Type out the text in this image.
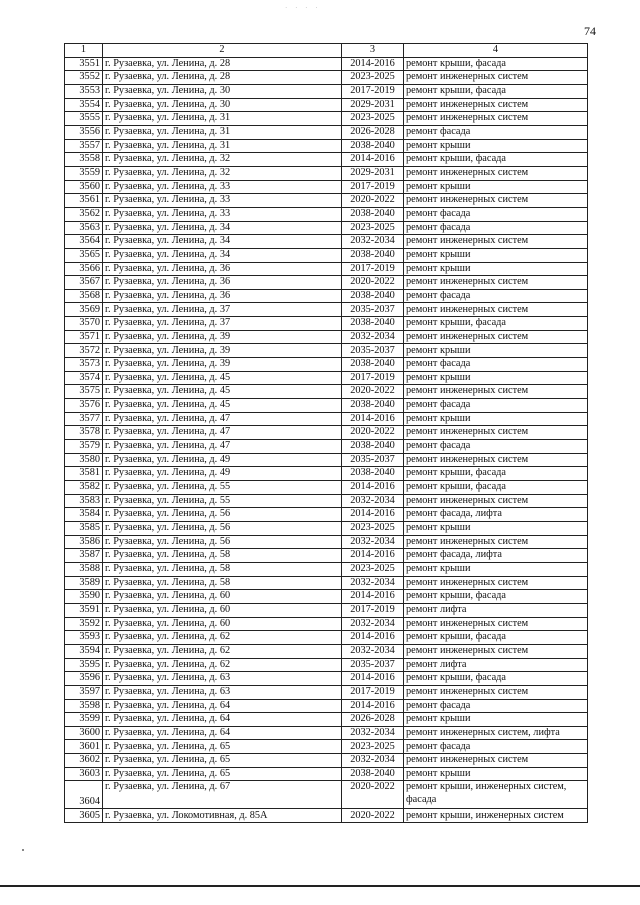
· · · ·
74
1	2	3	4
3551	г. Рузаевка, ул. Ленина, д. 28	2014-2016	ремонт крыши, фасада
3552	г. Рузаевка, ул. Ленина, д. 28	2023-2025	ремонт инженерных систем
3553	г. Рузаевка, ул. Ленина, д. 30	2017-2019	ремонт крыши, фасада
3554	г. Рузаевка, ул. Ленина, д. 30	2029-2031	ремонт инженерных систем
3555	г. Рузаевка, ул. Ленина, д. 31	2023-2025	ремонт инженерных систем
3556	г. Рузаевка, ул. Ленина, д. 31	2026-2028	ремонт фасада
3557	г. Рузаевка, ул. Ленина, д. 31	2038-2040	ремонт крыши
3558	г. Рузаевка, ул. Ленина, д. 32	2014-2016	ремонт крыши, фасада
3559	г. Рузаевка, ул. Ленина, д. 32	2029-2031	ремонт инженерных систем
3560	г. Рузаевка, ул. Ленина, д. 33	2017-2019	ремонт крыши
3561	г. Рузаевка, ул. Ленина, д. 33	2020-2022	ремонт инженерных систем
3562	г. Рузаевка, ул. Ленина, д. 33	2038-2040	ремонт фасада
3563	г. Рузаевка, ул. Ленина, д. 34	2023-2025	ремонт фасада
3564	г. Рузаевка, ул. Ленина, д. 34	2032-2034	ремонт инженерных систем
3565	г. Рузаевка, ул. Ленина, д. 34	2038-2040	ремонт крыши
3566	г. Рузаевка, ул. Ленина, д. 36	2017-2019	ремонт крыши
3567	г. Рузаевка, ул. Ленина, д. 36	2020-2022	ремонт инженерных систем
3568	г. Рузаевка, ул. Ленина, д. 36	2038-2040	ремонт фасада
3569	г. Рузаевка, ул. Ленина, д. 37	2035-2037	ремонт инженерных систем
3570	г. Рузаевка, ул. Ленина, д. 37	2038-2040	ремонт крыши, фасада
3571	г. Рузаевка, ул. Ленина, д. 39	2032-2034	ремонт инженерных систем
3572	г. Рузаевка, ул. Ленина, д. 39	2035-2037	ремонт крыши
3573	г. Рузаевка, ул. Ленина, д. 39	2038-2040	ремонт фасада
3574	г. Рузаевка, ул. Ленина, д. 45	2017-2019	ремонт крыши
3575	г. Рузаевка, ул. Ленина, д. 45	2020-2022	ремонт инженерных систем
3576	г. Рузаевка, ул. Ленина, д. 45	2038-2040	ремонт фасада
3577	г. Рузаевка, ул. Ленина, д. 47	2014-2016	ремонт крыши
3578	г. Рузаевка, ул. Ленина, д. 47	2020-2022	ремонт инженерных систем
3579	г. Рузаевка, ул. Ленина, д. 47	2038-2040	ремонт фасада
3580	г. Рузаевка, ул. Ленина, д. 49	2035-2037	ремонт инженерных систем
3581	г. Рузаевка, ул. Ленина, д. 49	2038-2040	ремонт крыши, фасада
3582	г. Рузаевка, ул. Ленина, д. 55	2014-2016	ремонт крыши, фасада
3583	г. Рузаевка, ул. Ленина, д. 55	2032-2034	ремонт инженерных систем
3584	г. Рузаевка, ул. Ленина, д. 56	2014-2016	ремонт фасада, лифта
3585	г. Рузаевка, ул. Ленина, д. 56	2023-2025	ремонт крыши
3586	г. Рузаевка, ул. Ленина, д. 56	2032-2034	ремонт инженерных систем
3587	г. Рузаевка, ул. Ленина, д. 58	2014-2016	ремонт фасада, лифта
3588	г. Рузаевка, ул. Ленина, д. 58	2023-2025	ремонт крыши
3589	г. Рузаевка, ул. Ленина, д. 58	2032-2034	ремонт инженерных систем
3590	г. Рузаевка, ул. Ленина, д. 60	2014-2016	ремонт крыши, фасада
3591	г. Рузаевка, ул. Ленина, д. 60	2017-2019	ремонт лифта
3592	г. Рузаевка, ул. Ленина, д. 60	2032-2034	ремонт инженерных систем
3593	г. Рузаевка, ул. Ленина, д. 62	2014-2016	ремонт крыши, фасада
3594	г. Рузаевка, ул. Ленина, д. 62	2032-2034	ремонт инженерных систем
3595	г. Рузаевка, ул. Ленина, д. 62	2035-2037	ремонт лифта
3596	г. Рузаевка, ул. Ленина, д. 63	2014-2016	ремонт крыши, фасада
3597	г. Рузаевка, ул. Ленина, д. 63	2017-2019	ремонт инженерных систем
3598	г. Рузаевка, ул. Ленина, д. 64	2014-2016	ремонт фасада
3599	г. Рузаевка, ул. Ленина, д. 64	2026-2028	ремонт крыши
3600	г. Рузаевка, ул. Ленина, д. 64	2032-2034	ремонт инженерных систем, лифта
3601	г. Рузаевка, ул. Ленина, д. 65	2023-2025	ремонт фасада
3602	г. Рузаевка, ул. Ленина, д. 65	2032-2034	ремонт инженерных систем
3603	г. Рузаевка, ул. Ленина, д. 65	2038-2040	ремонт крыши
3604	г. Рузаевка, ул. Ленина, д. 67	2020-2022	ремонт крыши, инженерных систем, фасада
3605	г. Рузаевка, ул. Локомотивная, д. 85А	2020-2022	ремонт крыши, инженерных систем
